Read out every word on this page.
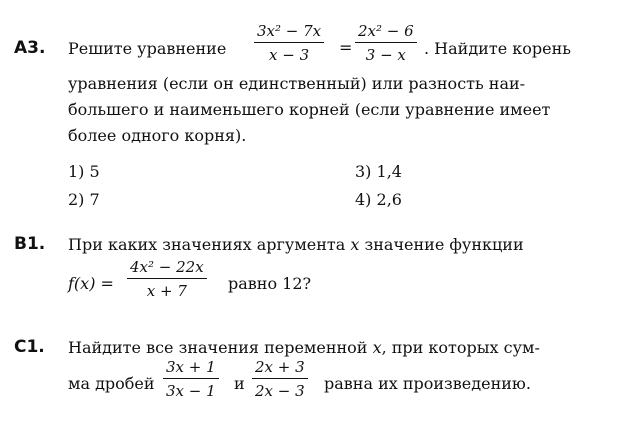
А3. Решите уравнение $\frac{\text{3x² − 7x}}{x - 3} = \frac{\text{2x² − 6}}{3 - x}$ . Найдите корень
уравнения (если он единственный) или разность наи-
большего и наименьшего корней (если уравнение имеет
более одного корня).
1) 5
2) 7
3) 1,4
4) 2,6
В1. При каких значениях аргумента x значение функции
$f(x) = \frac{\text{4x² − 22x}}{x + 7}$ равно 12?
С1. Найдите все значения переменной x, при которых сум-
ма дробей $\frac{3x + 1}{3x - 1}$ и $\frac{2x + 3}{2x - 3}$ равна их произведению.
